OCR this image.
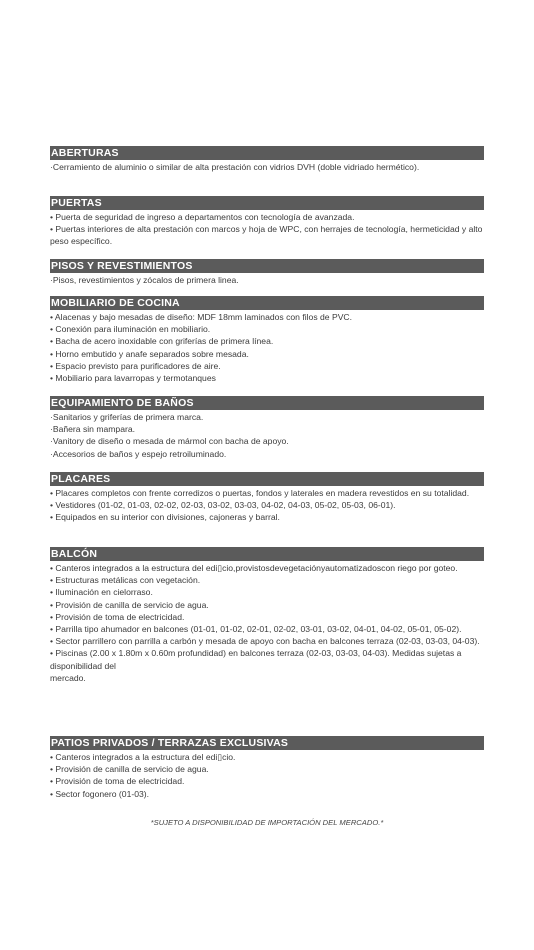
ABERTURAS
·Cerramiento de aluminio o similar de alta prestación con vidrios DVH (doble vidriado hermético).
PUERTAS
• Puerta de seguridad de ingreso a departamentos con tecnología de avanzada.
• Puertas interiores de alta prestación con marcos y hoja de WPC, con herrajes de tecnología, hermeticidad y alto peso específico.
PISOS Y REVESTIMIENTOS
·Pisos, revestimientos y zócalos de primera linea.
MOBILIARIO DE COCINA
• Alacenas y bajo mesadas de diseño: MDF 18mm laminados con filos de PVC.
• Conexión para iluminación en mobiliario.
• Bacha de acero inoxidable con griferías de primera línea.
• Horno embutido y anafe separados sobre mesada.
• Espacio previsto para purificadores de aire.
• Mobiliario para lavarropas y termotanques
EQUIPAMIENTO DE BAÑOS
·Sanitarios y griferías de primera marca.
·Bañera sin mampara.
·Vanitory de diseño o mesada de mármol con bacha de apoyo.
·Accesorios de baños y espejo retroiluminado.
PLACARES
• Placares completos con frente corredizos o puertas, fondos y laterales en madera revestidos en su totalidad.
• Vestidores (01-02, 01-03, 02-02, 02-03, 03-02, 03-03, 04-02, 04-03, 05-02, 05-03, 06-01).
• Equipados en su interior con divisiones, cajoneras y barral.
BALCÓN
• Canteros integrados a la estructura del edi▯cio,provistosdevegetaciónyautomatizadoscon riego por goteo.
• Estructuras metálicas con vegetación.
• Iluminación en cielorraso.
• Provisión de canilla de servicio de agua.
• Provisión de toma de electricidad.
• Parrilla tipo ahumador en balcones (01-01, 01-02, 02-01, 02-02, 03-01, 03-02, 04-01, 04-02, 05-01, 05-02).
• Sector parrillero con parrilla a carbón y mesada de apoyo con bacha en balcones terraza (02-03, 03-03, 04-03).
• Piscinas (2.00 x 1.80m x 0.60m profundidad) en balcones terraza (02-03, 03-03, 04-03). Medidas sujetas a disponibilidad del
mercado.
PATIOS PRIVADOS / TERRAZAS EXCLUSIVAS
• Canteros integrados a la estructura del edi▯cio.
• Provisión de canilla de servicio de agua.
• Provisión de toma de electricidad.
• Sector fogonero (01-03).
*SUJETO A DISPONIBILIDAD DE IMPORTACIÓN DEL MERCADO.*
